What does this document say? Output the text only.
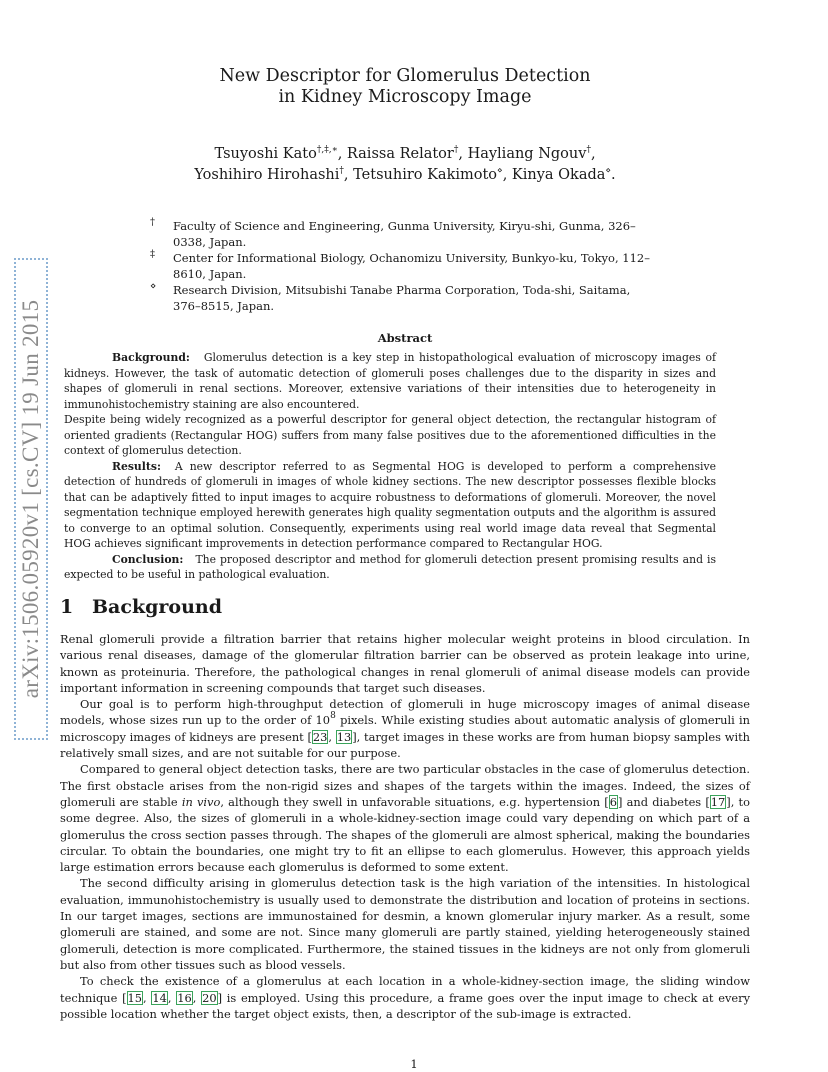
arXiv:1506.05920v1 [cs.CV] 19 Jun 2015
New Descriptor for Glomerulus Detection
in Kidney Microscopy Image
Tsuyoshi Kato†,‡,∗, Raissa Relator†, Hayliang Ngouv†,
Yoshihiro Hirohashi†, Tetsuhiro Kakimoto⋄, Kinya Okada⋄.
† Faculty of Science and Engineering, Gunma University, Kiryu-shi, Gunma, 326–0338, Japan.
‡ Center for Informational Biology, Ochanomizu University, Bunkyo-ku, Tokyo, 112–8610, Japan.
⋄ Research Division, Mitsubishi Tanabe Pharma Corporation, Toda-shi, Saitama, 376–8515, Japan.
Abstract

Background: Glomerulus detection is a key step in histopathological evaluation of microscopy images of kidneys. However, the task of automatic detection of glomeruli poses challenges due to the disparity in sizes and shapes of glomeruli in renal sections. Moreover, extensive variations of their intensities due to heterogeneity in immunohistochemistry staining are also encountered.

Despite being widely recognized as a powerful descriptor for general object detection, the rectangular histogram of oriented gradients (Rectangular HOG) suffers from many false positives due to the aforementioned difficulties in the context of glomerulus detection.

Results: A new descriptor referred to as Segmental HOG is developed to perform a comprehensive detection of hundreds of glomeruli in images of whole kidney sections. The new descriptor possesses flexible blocks that can be adaptively fitted to input images to acquire robustness to deformations of glomeruli. Moreover, the novel segmentation technique employed herewith generates high quality segmentation outputs and the algorithm is assured to converge to an optimal solution. Consequently, experiments using real world image data reveal that Segmental HOG achieves significant improvements in detection performance compared to Rectangular HOG.

Conclusion: The proposed descriptor and method for glomeruli detection present promising results and is expected to be useful in pathological evaluation.

1 Background

Renal glomeruli provide a filtration barrier that retains higher molecular weight proteins in blood circulation. In various renal diseases, damage of the glomerular filtration barrier can be observed as protein leakage into urine, known as proteinuria. Therefore, the pathological changes in renal glomeruli of animal disease models can provide important information in screening compounds that target such diseases.

Our goal is to perform high-throughput detection of glomeruli in huge microscopy images of animal disease models, whose sizes run up to the order of $10^8$ pixels. While existing studies about automatic analysis of glomeruli in microscopy images of kidneys are present [23, 13], target images in these works are from human biopsy samples with relatively small sizes, and are not suitable for our purpose.

Compared to general object detection tasks, there are two particular obstacles in the case of glomerulus detection. The first obstacle arises from the non-rigid sizes and shapes of the targets within the images. Indeed, the sizes of glomeruli are stable in vivo, although they swell in unfavorable situations, e.g. hypertension [6] and diabetes [17], to some degree. Also, the sizes of glomeruli in a whole-kidney-section image could vary depending on which part of a glomerulus the cross section passes through. The shapes of the glomeruli are almost spherical, making the boundaries circular. To obtain the boundaries, one might try to fit an ellipse to each glomerulus. However, this approach yields large estimation errors because each glomerulus is deformed to some extent.

The second difficulty arising in glomerulus detection task is the high variation of the intensities. In histological evaluation, immunohistochemistry is usually used to demonstrate the distribution and location of proteins in sections. In our target images, sections are immunostained for desmin, a known glomerular injury marker. As a result, some glomeruli are stained, and some are not. Since many glomeruli are partly stained, yielding heterogeneously stained glomeruli, detection is more complicated. Furthermore, the stained tissues in the kidneys are not only from glomeruli but also from other tissues such as blood vessels.

To check the existence of a glomerulus at each location in a whole-kidney-section image, the sliding window technique [15, 14, 16, 20] is employed. Using this procedure, a frame goes over the input image to check at every possible location whether the target object exists, then, a descriptor of the sub-image is extracted.

1
